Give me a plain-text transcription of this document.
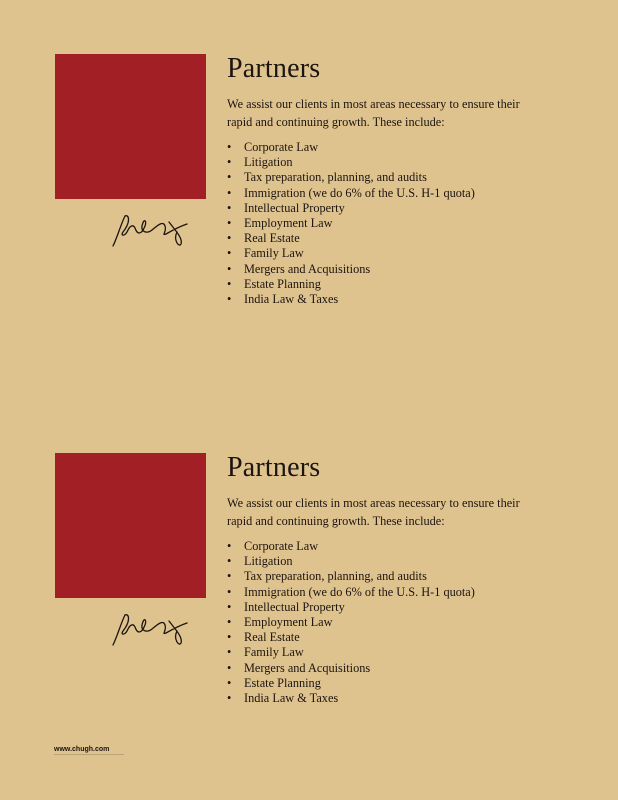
Partners

We assist our clients in most areas necessary to ensure their rapid and continuing growth. These include:

• Corporate Law
• Litigation
• Tax preparation, planning, and audits
• Immigration (we do 6% of the U.S. H-1 quota)
• Intellectual Property
• Employment Law
• Real Estate
• Family Law
• Mergers and Acquisitions
• Estate Planning
• India Law & Taxes
Partners

We assist our clients in most areas necessary to ensure their rapid and continuing growth. These include:

• Corporate Law
• Litigation
• Tax preparation, planning, and audits
• Immigration (we do 6% of the U.S. H-1 quota)
• Intellectual Property
• Employment Law
• Real Estate
• Family Law
• Mergers and Acquisitions
• Estate Planning
• India Law & Taxes
www.chugh.com
